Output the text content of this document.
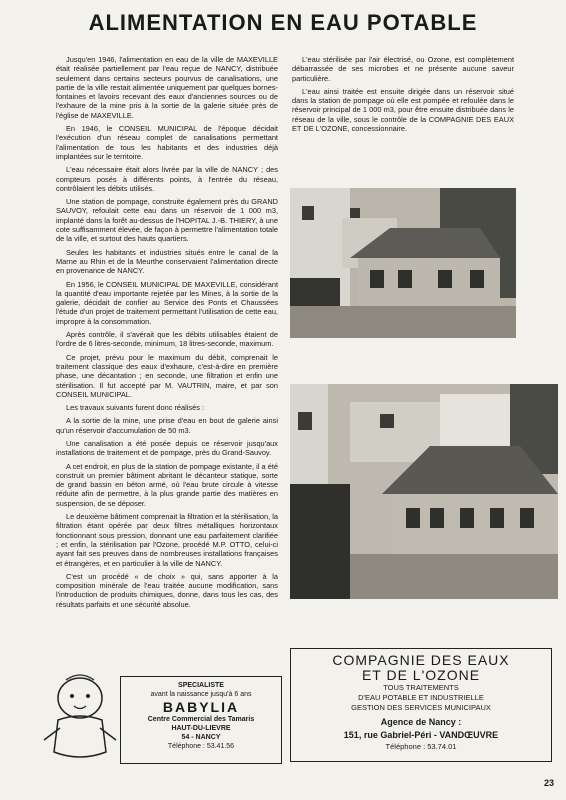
ALIMENTATION EN EAU POTABLE

Jusqu'en 1946, l'alimentation en eau de la ville de MAXEVILLE était réalisée partiellement par l'eau reçue de NANCY, distribuée seulement dans certains secteurs pourvus de canalisations, une partie de la ville restait alimentée uniquement par quelques bornes-fontaines et lavoirs recevant des eaux d'anciennes sources ou de l'exhaure de la mine pris à la sortie de la galerie située près de l'église de MAXEVILLE.

En 1946, le CONSEIL MUNICIPAL de l'époque décidait l'exécution d'un réseau complet de canalisations permettant l'alimentation de tous les habitants et des industries déjà implantées sur le territoire.

L'eau nécessaire était alors livrée par la ville de NANCY ; des compteurs posés à différents points, à l'entrée du réseau, contrôlaient les débits utilisés.

Une station de pompage, construite également près du GRAND SAUVOY, refoulait cette eau dans un réservoir de 1 000 m3, implanté dans la forêt au-dessus de l'HOPITAL J.-B. THIERY, à une cote suffisamment élevée, de façon à permettre l'alimentation totale de la ville, et surtout des hauts quartiers.

Seules les habitants et industries situés entre le canal de la Marne au Rhin et de la Meurthe conservaient l'alimentation directe en provenance de NANCY.

En 1956, le CONSEIL MUNICIPAL DE MAXEVILLE, considérant la quantité d'eau importante rejetée par les Mines, à la sortie de la galerie, décidait de confier au Service des Ponts et Chaussées l'étude d'un projet de traitement permettant l'utilisation de cette eau, impropre à la consommation.

Après contrôle, il s'avérait que les débits utilisables étaient de l'ordre de 6 litres-seconde, minimum, 18 litres-seconde, maximum.

Ce projet, prévu pour le maximum du débit, comprenait le traitement classique des eaux d'exhaure, c'est-à-dire en première phase, une décantation ; en seconde, une filtration et enfin une stérilisation. Il fut accepté par M. VAUTRIN, maire, et par son CONSEIL MUNICIPAL.

Les travaux suivants furent donc réalisés :

A la sortie de la mine, une prise d'eau en bout de galerie ainsi qu'un réservoir d'accumulation de 50 m3.

Une canalisation a été posée depuis ce réservoir jusqu'aux installations de traitement et de pompage, près du Grand-Sauvoy.

A cet endroit, en plus de la station de pompage existante, il a été construit un premier bâtiment abritant le décanteur statique, sorte de grand bassin en béton armé, où l'eau brute circule à vitesse réduite afin de permettre, à la plus grande partie des matières en suspension, de se déposer.

Le deuxième bâtiment comprenait la filtration et la stérilisation, la filtration étant opérée par deux filtres métalliques horizontaux fonctionnant sous pression, donnant une eau parfaitement clarifiée ; et enfin, la stérilisation par l'Ozone, procédé M.P. OTTO, celui-ci ayant fait ses preuves dans de nombreuses installations françaises et étrangères, et en particulier à la ville de NANCY.

C'est un procédé « de choix » qui, sans apporter à la composition minérale de l'eau traitée aucune modification, sans l'introduction de produits chimiques, donne, dans tous les cas, des résultats parfaits et une sécurité absolue.

L'eau stérilisée par l'air électrisé, ou Ozone, est complètement débarrassée de ses microbes et ne présente aucune saveur particulière.

L'eau ainsi traitée est ensuite dirigée dans un réservoir situé dans la station de pompage où elle est pompée et refoulée dans le réservoir principal de 1 000 m3, pour être ensuite distribuée dans le réseau de la ville, sous le contrôle de la COMPAGNIE DES EAUX ET DE L'OZONE, concessionnaire.

SPECIALISTE
avant la naissance jusqu'à 6 ans
BABYLIA
Centre Commercial des Tamaris
HAUT-DU-LIEVRE
54 - NANCY
Téléphone : 53.41.56
COMPAGNIE DES EAUX
ET DE L'OZONE
TOUS TRAITEMENTS
D'EAU POTABLE ET INDUSTRIELLE
GESTION DES SERVICES MUNICIPAUX
Agence de Nancy :
151, rue Gabriel-Péri - VANDŒUVRE
Téléphone : 53.74.01
23
